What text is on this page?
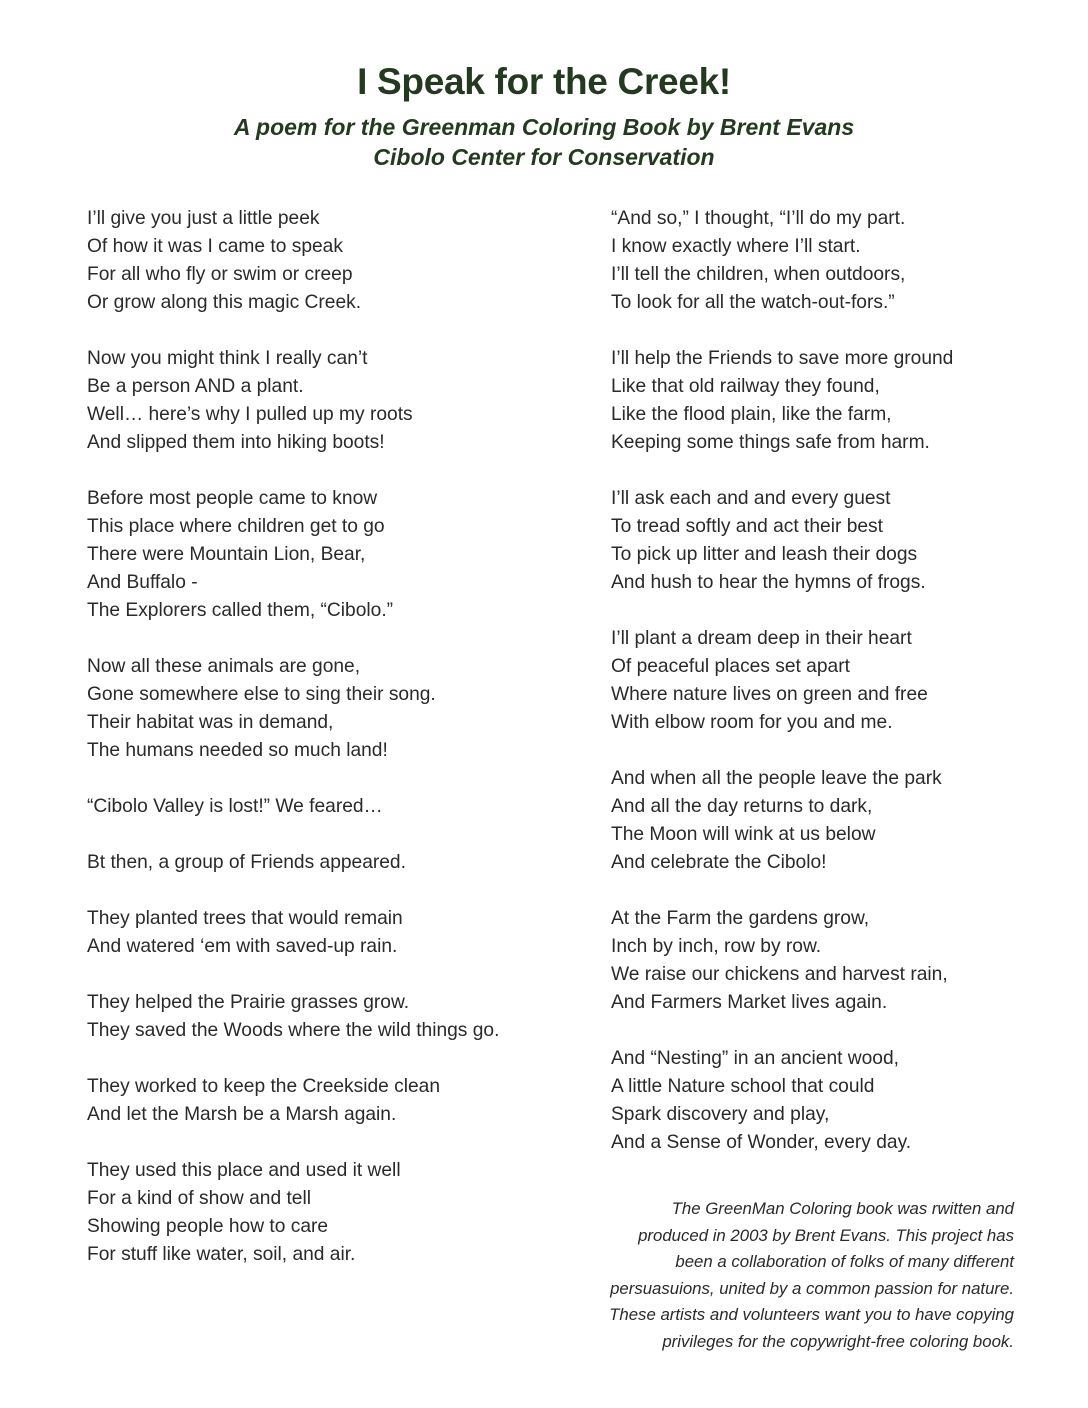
I Speak for the Creek!

A poem for the Greenman Coloring Book by Brent Evans
Cibolo Center for Conservation

I’ll give you just a little peek
Of how it was I came to speak
For all who fly or swim or creep
Or grow along this magic Creek.
Now you might think I really can’t
Be a person AND a plant.
Well… here’s why I pulled up my roots
And slipped them into hiking boots!
Before most people came to know
This place where children get to go
There were Mountain Lion, Bear,
And Buffalo -
The Explorers called them, “Cibolo.”
Now all these animals are gone,
Gone somewhere else to sing their song.
Their habitat was in demand,
The humans needed so much land!
“Cibolo Valley is lost!” We feared…
Bt then, a group of Friends appeared.
They planted trees that would remain
And watered ‘em with saved-up rain.
They helped the Prairie grasses grow.
They saved the Woods where the wild things go.
They worked to keep the Creekside clean
And let the Marsh be a Marsh again.
They used this place and used it well
For a kind of show and tell
Showing people how to care
For stuff like water, soil, and air.
“And so,” I thought, “I’ll do my part.
I know exactly where I’ll start.
I’ll tell the children, when outdoors,
To look for all the watch-out-fors.”
I’ll help the Friends to save more ground
Like that old railway they found,
Like the flood plain, like the farm,
Keeping some things safe from harm.
I’ll ask each and and every guest
To tread softly and act their best
To pick up litter and leash their dogs
And hush to hear the hymns of frogs.
I’ll plant a dream deep in their heart
Of peaceful places set apart
Where nature lives on green and free
With elbow room for you and me.
And when all the people leave the park
And all the day returns to dark,
The Moon will wink at us below
And celebrate the Cibolo!
At the Farm the gardens grow,
Inch by inch, row by row.
We raise our chickens and harvest rain,
And Farmers Market lives again.
And “Nesting” in an ancient wood,
A little Nature school that could
Spark discovery and play,
And a Sense of Wonder, every day.
The GreenMan Coloring book was rwitten and
produced in 2003 by Brent Evans. This project has
been a collaboration of folks of many different
persuasuions, united by a common passion for nature.
These artists and volunteers want you to have copying
privileges for the copywright-free coloring book.
